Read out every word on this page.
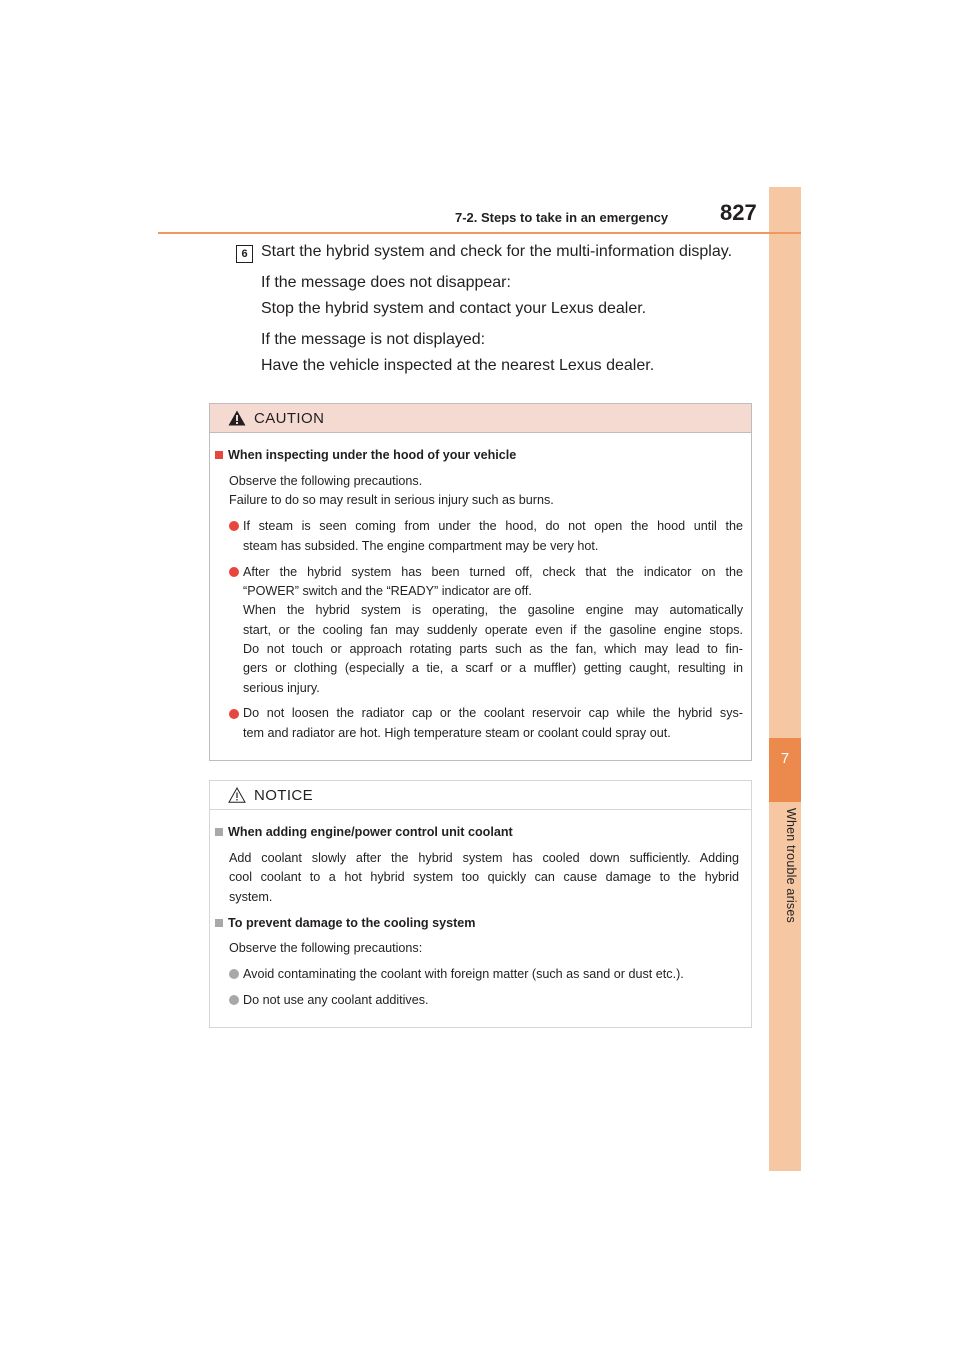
7
When trouble arises
7-2. Steps to take in an emergency 827
6 Start the hybrid system and check for the multi-information display.
If the message does not disappear:
Stop the hybrid system and contact your Lexus dealer.
If the message is not displayed:
Have the vehicle inspected at the nearest Lexus dealer.
CAUTION
When inspecting under the hood of your vehicle
Observe the following precautions.
Failure to do so may result in serious injury such as burns.
If steam is seen coming from under the hood, do not open the hood until the
steam has subsided. The engine compartment may be very hot.
After the hybrid system has been turned off, check that the indicator on the
“POWER” switch and the “READY” indicator are off.
When the hybrid system is operating, the gasoline engine may automatically
start, or the cooling fan may suddenly operate even if the gasoline engine stops.
Do not touch or approach rotating parts such as the fan, which may lead to fin-
gers or clothing (especially a tie, a scarf or a muffler) getting caught, resulting in
serious injury.
Do not loosen the radiator cap or the coolant reservoir cap while the hybrid sys-
tem and radiator are hot. High temperature steam or coolant could spray out.
NOTICE
When adding engine/power control unit coolant
Add coolant slowly after the hybrid system has cooled down sufficiently. Adding
cool coolant to a hot hybrid system too quickly can cause damage to the hybrid
system.
To prevent damage to the cooling system
Observe the following precautions:
Avoid contaminating the coolant with foreign matter (such as sand or dust etc.).
Do not use any coolant additives.
